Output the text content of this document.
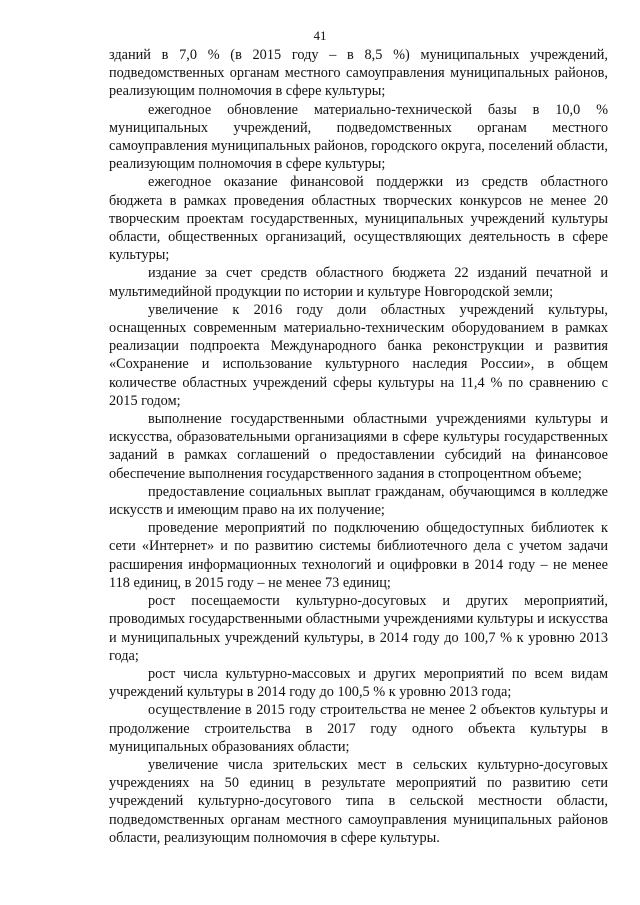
41

зданий в 7,0 % (в 2015 году – в 8,5 %) муниципальных учреждений, подведомственных органам местного самоуправления муниципальных районов, реализующим полномочия в сфере культуры;

ежегодное обновление материально-технической базы в 10,0 % муниципальных учреждений, подведомственных органам местного самоуправления муниципальных районов, городского округа, поселений области, реализующим полномочия в сфере культуры;

ежегодное оказание финансовой поддержки из средств областного бюджета в рамках проведения областных творческих конкурсов не менее 20 творческим проектам государственных, муниципальных учреждений культуры области, общественных организаций, осуществляющих деятельность в сфере культуры;

издание за счет средств областного бюджета 22 изданий печатной и мультимедийной продукции по истории и культуре Новгородской земли;

увеличение к 2016 году доли областных учреждений культуры, оснащенных современным материально-техническим оборудованием в рамках реализации подпроекта Международного банка реконструкции и развития «Сохранение и использование культурного наследия России», в общем количестве областных учреждений сферы культуры на 11,4 % по сравнению с 2015 годом;

выполнение государственными областными учреждениями культуры и искусства, образовательными организациями в сфере культуры государственных заданий в рамках соглашений о предоставлении субсидий на финансовое обеспечение выполнения государственного задания в стопроцентном объеме;

предоставление социальных выплат гражданам, обучающимся в колледже искусств и имеющим право на их получение;

проведение мероприятий по подключению общедоступных библиотек к сети «Интернет» и по развитию системы библиотечного дела с учетом задачи расширения информационных технологий и оцифровки в 2014 году – не менее 118 единиц, в 2015 году – не менее 73 единиц;

рост посещаемости культурно-досуговых и других мероприятий, проводимых государственными областными учреждениями культуры и искусства и муниципальных учреждений культуры, в 2014 году до 100,7 % к уровню 2013 года;

рост числа культурно-массовых и других мероприятий по всем видам учреждений культуры в 2014 году до 100,5 % к уровню 2013 года;

осуществление в 2015 году строительства не менее 2 объектов культуры и продолжение строительства в 2017 году одного объекта культуры в муниципальных образованиях области;

увеличение числа зрительских мест в сельских культурно-досуговых учреждениях на 50 единиц в результате мероприятий по развитию сети учреждений культурно-досугового типа в сельской местности области, подведомственных органам местного самоуправления муниципальных районов области, реализующим полномочия в сфере культуры.
